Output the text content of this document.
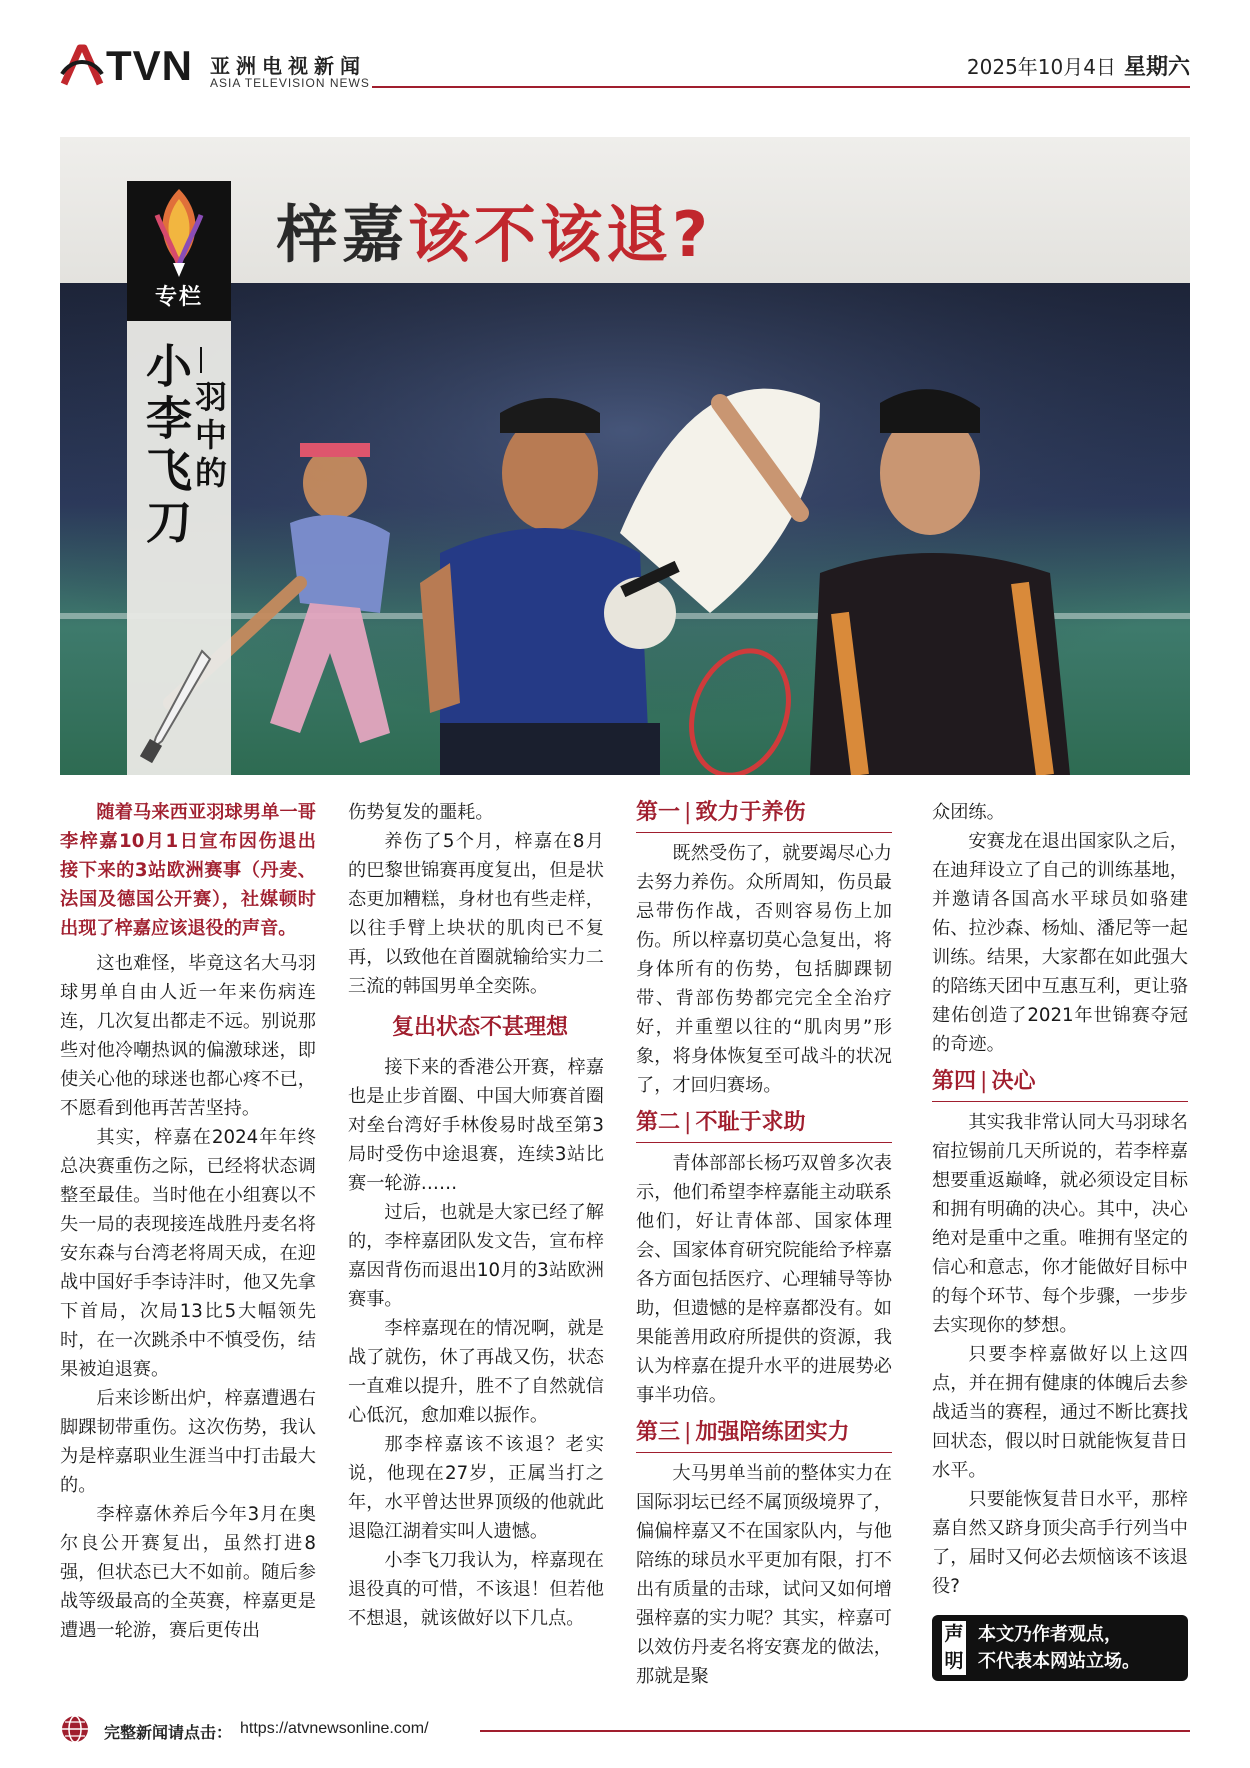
TVN 亚洲电视新闻
ASIA TELEVISION NEWS
2025年10月4日 星期六
梓嘉该不该退?
专栏
小李飞刀
羽中的

随着马来西亚羽球男单一哥李梓嘉10月1日宣布因伤退出接下来的3站欧洲赛事（丹麦、法国及德国公开赛），社媒顿时出现了梓嘉应该退役的声音。

这也难怪，毕竟这名大马羽球男单自由人近一年来伤病连连，几次复出都走不远。别说那些对他冷嘲热讽的偏激球迷，即使关心他的球迷也都心疼不已，不愿看到他再苦苦坚持。

其实，梓嘉在2024年年终总决赛重伤之际，已经将状态调整至最佳。当时他在小组赛以不失一局的表现接连战胜丹麦名将安东森与台湾老将周天成，在迎战中国好手李诗沣时，他又先拿下首局，次局13比5大幅领先时，在一次跳杀中不慎受伤，结果被迫退赛。

后来诊断出炉，梓嘉遭遇右脚踝韧带重伤。这次伤势，我认为是梓嘉职业生涯当中打击最大的。

李梓嘉休养后今年3月在奥尔良公开赛复出，虽然打进8强，但状态已大不如前。随后参战等级最高的全英赛，梓嘉更是遭遇一轮游，赛后更传出

伤势复发的噩耗。

养伤了5个月，梓嘉在8月的巴黎世锦赛再度复出，但是状态更加糟糕，身材也有些走样，以往手臂上块状的肌肉已不复再，以致他在首圈就输给实力二三流的韩国男单全奕陈。

复出状态不甚理想

接下来的香港公开赛，梓嘉也是止步首圈、中国大师赛首圈对垒台湾好手林俊易时战至第3局时受伤中途退赛，连续3站比赛一轮游……

过后，也就是大家已经了解的，李梓嘉团队发文告，宣布梓嘉因背伤而退出10月的3站欧洲赛事。

李梓嘉现在的情况啊，就是战了就伤，休了再战又伤，状态一直难以提升，胜不了自然就信心低沉，愈加难以振作。

那李梓嘉该不该退？老实说，他现在27岁，正属当打之年，水平曾达世界顶级的他就此退隐江湖着实叫人遗憾。

小李飞刀我认为，梓嘉现在退役真的可惜，不该退！但若他不想退，就该做好以下几点。

第一 | 致力于养伤

既然受伤了，就要竭尽心力去努力养伤。众所周知，伤员最忌带伤作战，否则容易伤上加伤。所以梓嘉切莫心急复出，将身体所有的伤势，包括脚踝韧带、背部伤势都完完全全治疗好，并重塑以往的“肌肉男”形象，将身体恢复至可战斗的状况了，才回归赛场。

第二 | 不耻于求助

青体部部长杨巧双曾多次表示，他们希望李梓嘉能主动联系他们，好让青体部、国家体理会、国家体育研究院能给予梓嘉各方面包括医疗、心理辅导等协助，但遗憾的是梓嘉都没有。如果能善用政府所提供的资源，我认为梓嘉在提升水平的进展势必事半功倍。

第三 | 加强陪练团实力

大马男单当前的整体实力在国际羽坛已经不属顶级境界了，偏偏梓嘉又不在国家队内，与他陪练的球员水平更加有限，打不出有质量的击球，试问又如何增强梓嘉的实力呢？其实，梓嘉可以效仿丹麦名将安赛龙的做法，那就是聚

众团练。

安赛龙在退出国家队之后，在迪拜设立了自己的训练基地，并邀请各国高水平球员如骆建佑、拉沙森、杨灿、潘尼等一起训练。结果，大家都在如此强大的陪练天团中互惠互利，更让骆建佑创造了2021年世锦赛夺冠的奇迹。

第四 | 决心

其实我非常认同大马羽球名宿拉锡前几天所说的，若李梓嘉想要重返巅峰，就必须设定目标和拥有明确的决心。其中，决心绝对是重中之重。唯拥有坚定的信心和意志，你才能做好目标中的每个环节、每个步骤，一步步去实现你的梦想。

只要李梓嘉做好以上这四点，并在拥有健康的体魄后去参战适当的赛程，通过不断比赛找回状态，假以时日就能恢复昔日水平。

只要能恢复昔日水平，那梓嘉自然又跻身顶尖高手行列当中了，届时又何必去烦恼该不该退役?

声明
本文乃作者观点，
不代表本网站立场。
完整新闻请点击： https://atvnewsonline.com/
